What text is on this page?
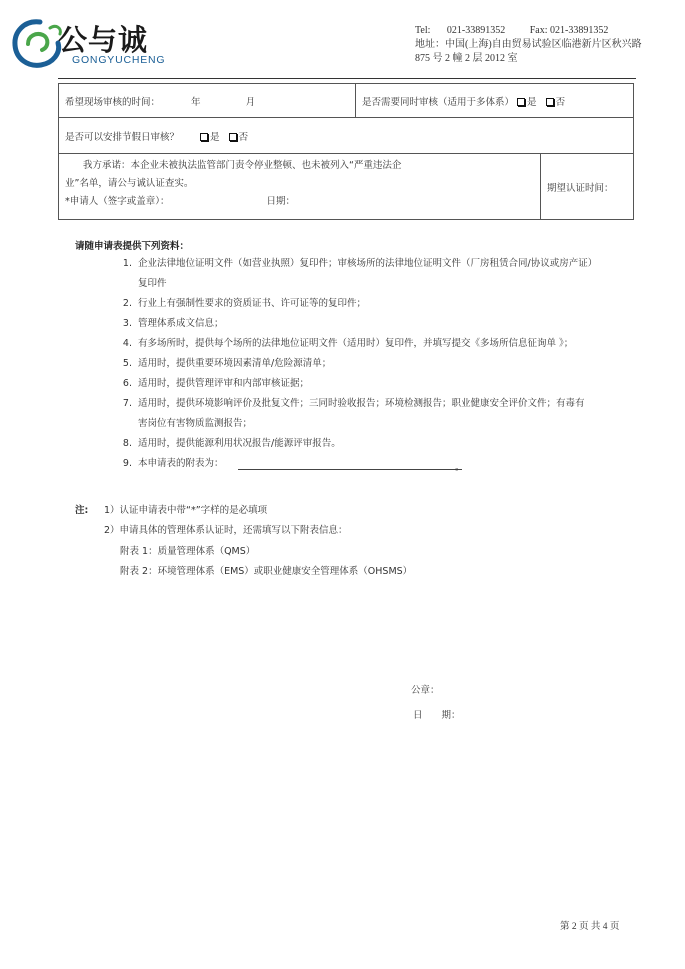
公与诚
GONGYUCHENG
Tel: 021-33891352 Fax: 021-33891352
地址：中国(上海)自由贸易试验区临港新片区秋兴路
875 号 2 幢 2 层 2012 室
希望现场审核的时间： 年 月	是否需要同时审核（适用于多体系） 是 否	
是否可以安排节假日审核？ 是 否		

我方承诺：本企业未被执法监管部门责令停业整顿、也未被列入“严重违法企
业”名单，请公与诚认证查实。
*申请人（签字或盖章）： 日期：		期望认证时间：
请随申请表提供下列资料：
1. 企业法律地位证明文件（如营业执照）复印件；审核场所的法律地位证明文件（厂房租赁合同/协议或房产证）
复印件
2. 行业上有强制性要求的资质证书、许可证等的复印件；
3. 管理体系成文信息；
4. 有多场所时，提供每个场所的法律地位证明文件（适用时）复印件，并填写提交《多场所信息征询单 》；
5. 适用时，提供重要环境因素清单/危险源清单；
6. 适用时，提供管理评审和内部审核证据；
7. 适用时，提供环境影响评价及批复文件；三同时验收报告；环境检测报告；职业健康安全评价文件；有毒有
害岗位有害物质监测报告；
8. 适用时，提供能源利用状况报告/能源评审报告。
9. 本申请表的附表为：	。
注: 1）认证申请表中带“*”字样的是必填项
2）申请具体的管理体系认证时，还需填写以下附表信息：
附表 1：质量管理体系（QMS）
附表 2：环境管理体系（EMS）或职业健康安全管理体系（OHSMS）
公章：
日　　期：
第 2 页 共 4 页
